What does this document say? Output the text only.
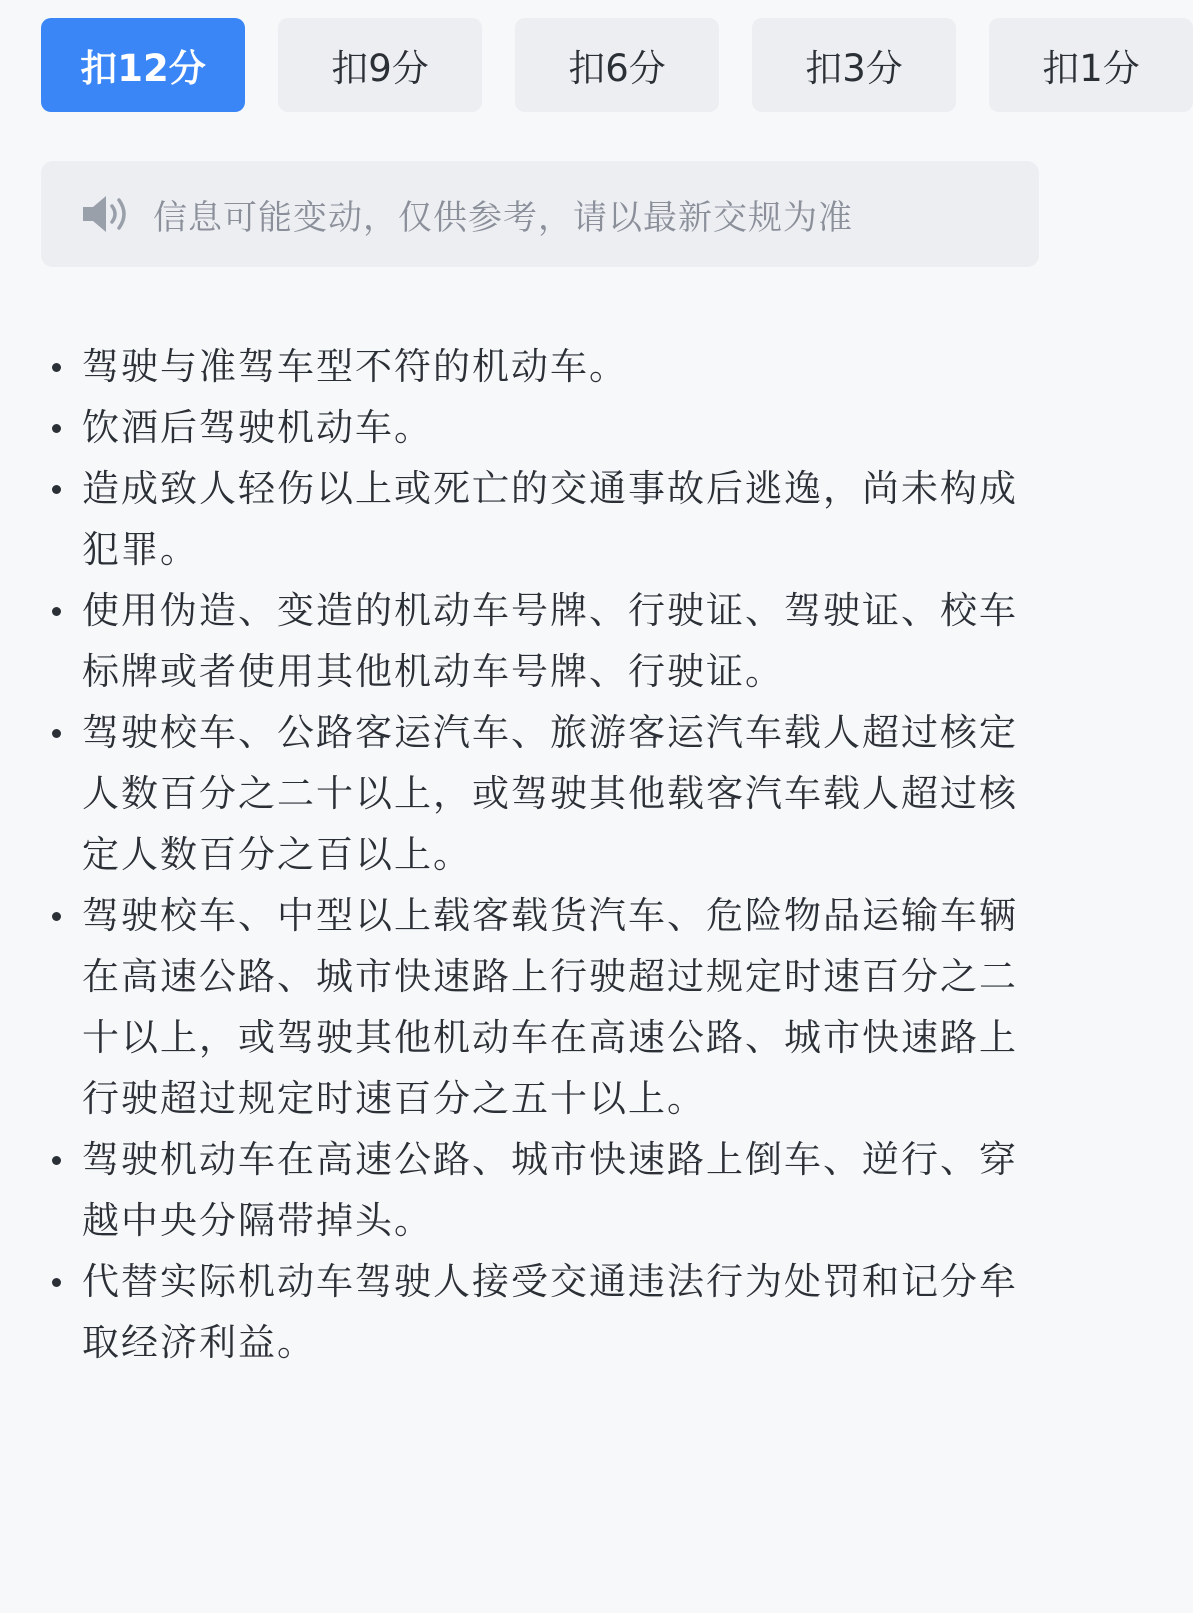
扣12分	扣9分	扣6分	扣3分	扣1分
信息可能变动，仅供参考，请以最新交规为准
驾驶与准驾车型不符的机动车。
饮酒后驾驶机动车。
造成致人轻伤以上或死亡的交通事故后逃逸，尚未构成犯罪。
使用伪造、变造的机动车号牌、行驶证、驾驶证、校车标牌或者使用其他机动车号牌、行驶证。
驾驶校车、公路客运汽车、旅游客运汽车载人超过核定人数百分之二十以上，或驾驶其他载客汽车载人超过核定人数百分之百以上。
驾驶校车、中型以上载客载货汽车、危险物品运输车辆在高速公路、城市快速路上行驶超过规定时速百分之二十以上，或驾驶其他机动车在高速公路、城市快速路上行驶超过规定时速百分之五十以上。
驾驶机动车在高速公路、城市快速路上倒车、逆行、穿越中央分隔带掉头。
代替实际机动车驾驶人接受交通违法行为处罚和记分牟取经济利益。
